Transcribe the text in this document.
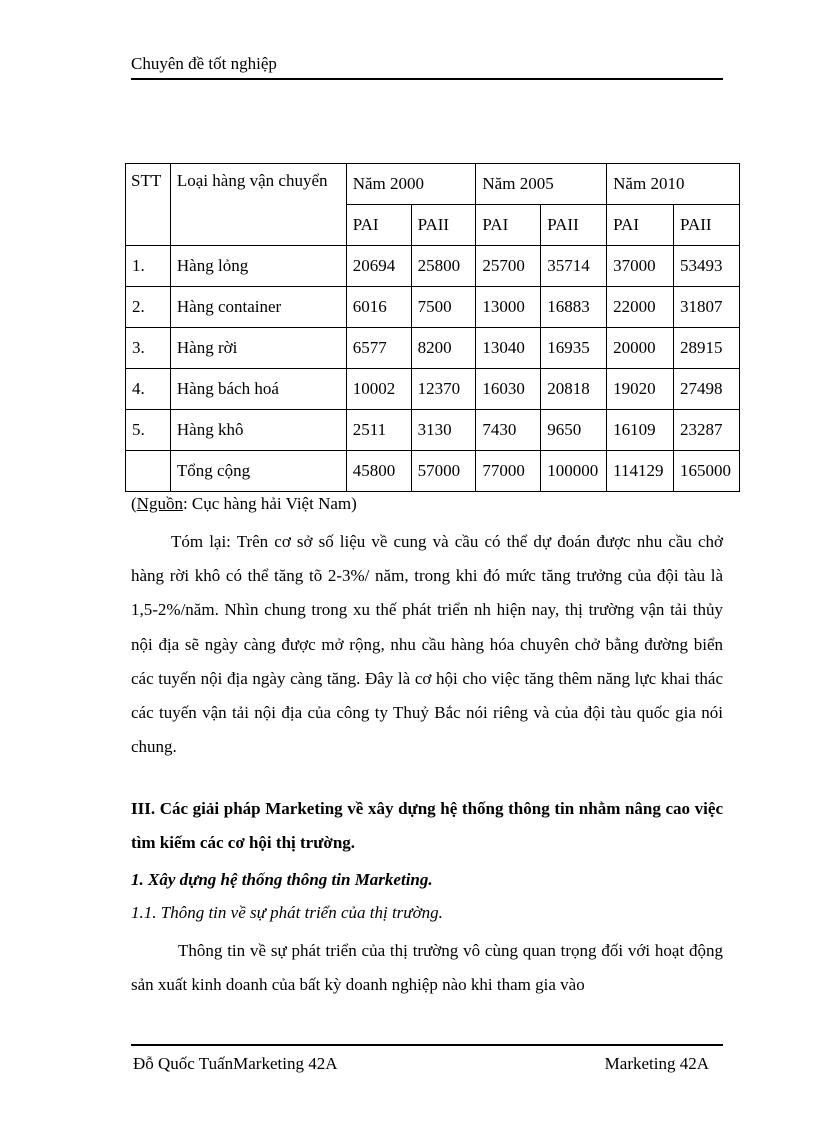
Chuyên đề tốt nghiệp
STT	Loại hàng vận chuyển	Năm 2000		Năm 2005		Năm 2010	
		PAI	PAII	PAI	PAII	PAI	PAII
1.	Hàng lỏng	20694	25800	25700	35714	37000	53493
2.	Hàng container	6016	7500	13000	16883	22000	31807
3.	Hàng rời	6577	8200	13040	16935	20000	28915
4.	Hàng bách hoá	10002	12370	16030	20818	19020	27498
5.	Hàng khô	2511	3130	7430	9650	16109	23287
	Tổng cộng	45800	57000	77000	100000	114129	165000
(Nguồn: Cục hàng hải Việt Nam)
Tóm lại: Trên cơ sở số liệu về cung và cầu có thể dự đoán được nhu cầu chở hàng rời khô có thể tăng tõ 2-3%/ năm, trong khi đó mức tăng trưởng của đội tàu là 1,5-2%/năm. Nhìn chung trong xu thế phát triển nh hiện nay, thị trường vận tải thủy nội địa sẽ ngày càng được mở rộng, nhu cầu hàng hóa chuyên chở bằng đường biển các tuyến nội địa ngày càng tăng. Đây là cơ hội cho việc tăng thêm năng lực khai thác các tuyến vận tải nội địa của công ty Thuỷ Bắc nói riêng và của đội tàu quốc gia nói chung.
III. Các giải pháp Marketing về xây dựng hệ thống thông tin nhằm nâng cao việc tìm kiếm các cơ hội thị trường.
1. Xây dựng hệ thống thông tin Marketing.
1.1. Thông tin về sự phát triển của thị trường.
Thông tin về sự phát triển của thị trường vô cùng quan trọng đối với hoạt động sản xuất kinh doanh của bất kỳ doanh nghiệp nào khi tham gia vào
Đỗ Quốc TuấnMarketing 42A	Marketing 42A
